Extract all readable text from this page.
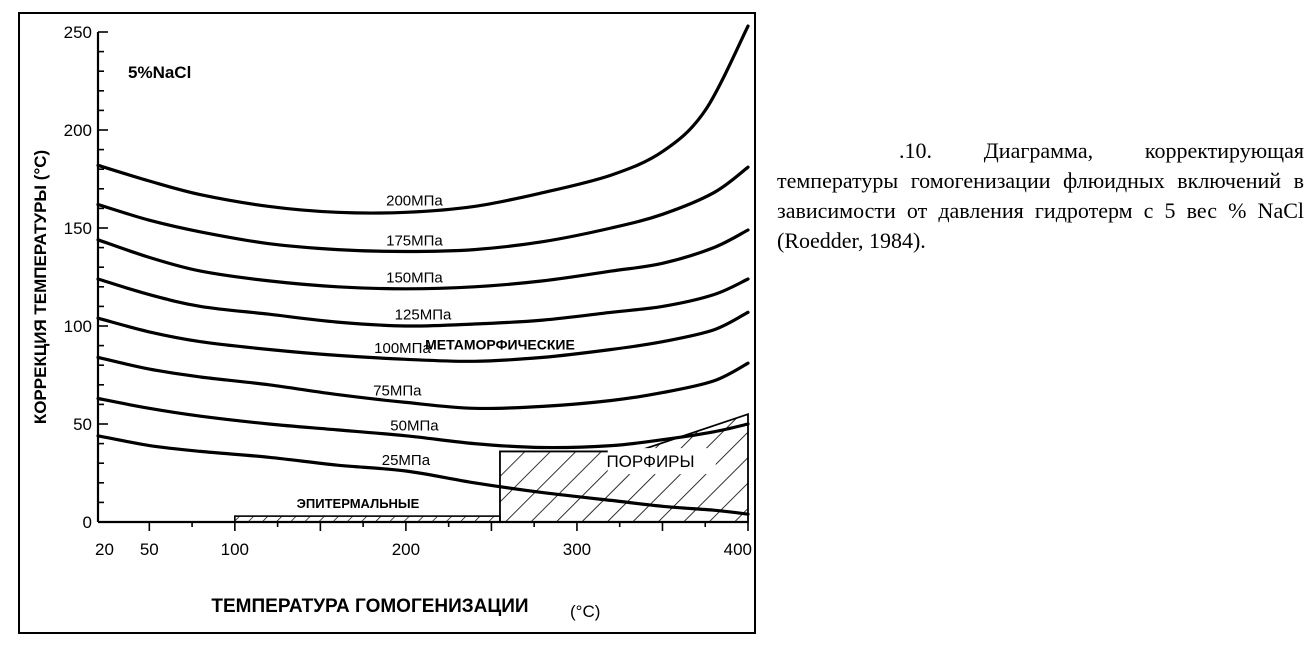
0
50
100
150
200
250
20 50	100	200	300	400
ТЕМПЕРАТУРА ГОМОГЕНИЗАЦИИ (°C)
КОРРЕКЦИЯ ТЕМПЕРАТУРЫ (°C)
5%NaCl
200МПа
175МПа
150МПа
125МПа
100МПа
75МПа
50МПа
25МПа
МЕТАМОРФИЧЕСКИЕ
ПОРФИРЫ
ЭПИТЕРМАЛЬНЫЕ
.10. Диаграмма, корректирующая температуры гомогенизации флюидных включений в зависимости от давления гидротерм с 5 вес % NaCl (Roedder, 1984).
